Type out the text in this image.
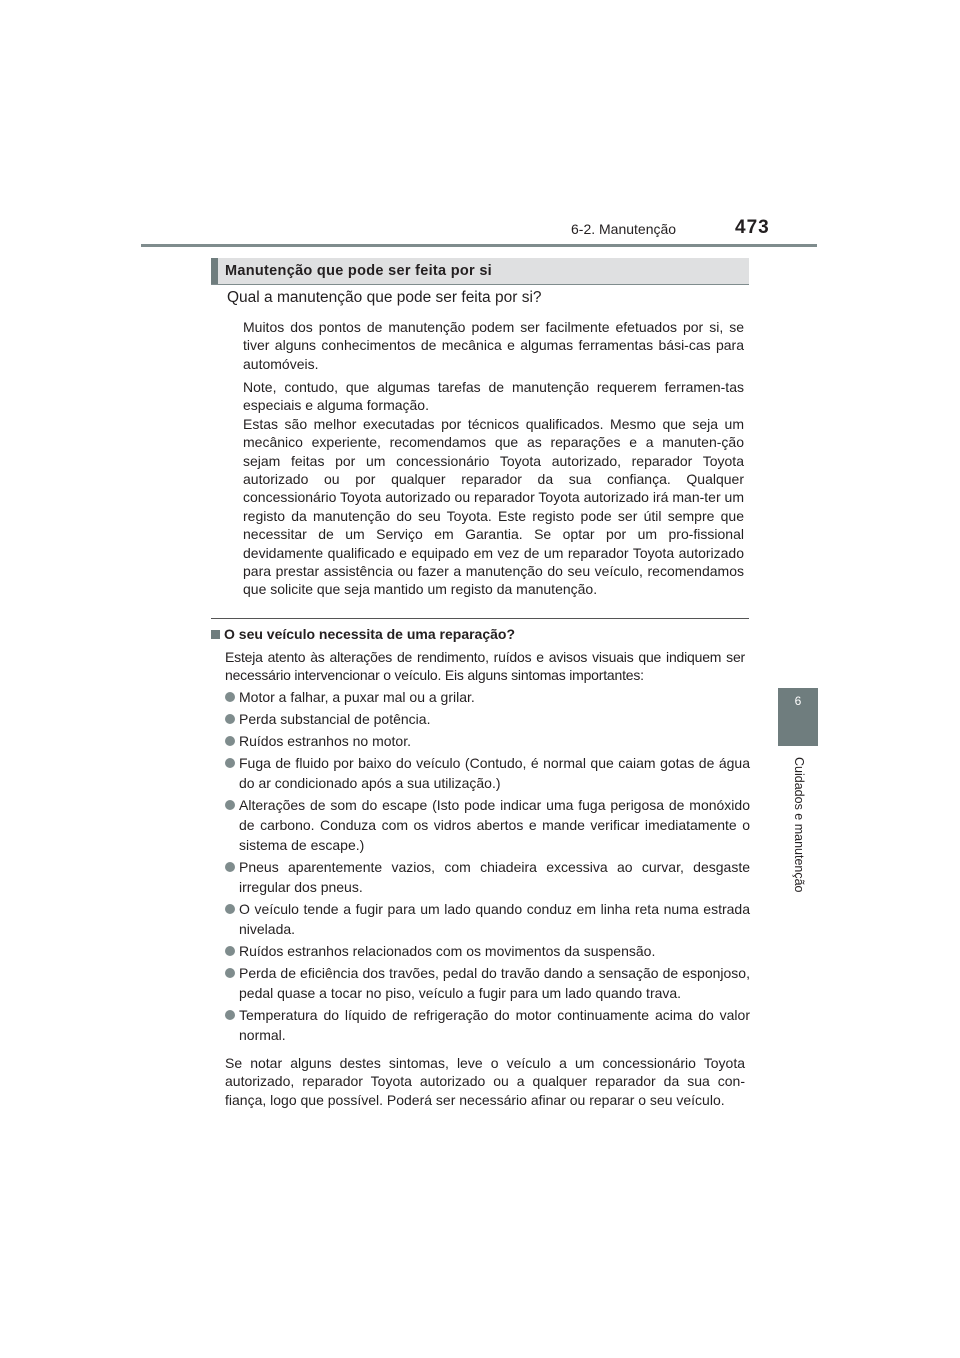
6-2. Manutenção	473
6
Cuidados e manutenção
Manutenção que pode ser feita por si
Qual a manutenção que pode ser feita por si?
Muitos dos pontos de manutenção podem ser facilmente efetuados por si, se tiver alguns conhecimentos de mecânica e algumas ferramentas bási-cas para automóveis.
Note, contudo, que algumas tarefas de manutenção requerem ferramen-tas especiais e alguma formação.
Estas são melhor executadas por técnicos qualificados. Mesmo que seja um mecânico experiente, recomendamos que as reparações e a manuten-ção sejam feitas por um concessionário Toyota autorizado, reparador Toyota autorizado ou por qualquer reparador da sua confiança. Qualquer concessionário Toyota autorizado ou reparador Toyota autorizado irá man-ter um registo da manutenção do seu Toyota. Este registo pode ser útil sempre que necessitar de um Serviço em Garantia. Se optar por um pro-fissional devidamente qualificado e equipado em vez de um reparador Toyota autorizado para prestar assistência ou fazer a manutenção do seu veículo, recomendamos que solicite que seja mantido um registo da manutenção.
O seu veículo necessita de uma reparação?
Esteja atento às alterações de rendimento, ruídos e avisos visuais que indiquem ser necessário intervencionar o veículo. Eis alguns sintomas importantes:
Motor a falhar, a puxar mal ou a grilar.
Perda substancial de potência.
Ruídos estranhos no motor.
Fuga de fluido por baixo do veículo (Contudo, é normal que caiam gotas de água do ar condicionado após a sua utilização.)
Alterações de som do escape (Isto pode indicar uma fuga perigosa de monóxido de carbono. Conduza com os vidros abertos e mande verificar imediatamente o sistema de escape.)
Pneus aparentemente vazios, com chiadeira excessiva ao curvar, desgaste irregular dos pneus.
O veículo tende a fugir para um lado quando conduz em linha reta numa estrada nivelada.
Ruídos estranhos relacionados com os movimentos da suspensão.
Perda de eficiência dos travões, pedal do travão dando a sensação de esponjoso, pedal quase a tocar no piso, veículo a fugir para um lado quando trava.
Temperatura do líquido de refrigeração do motor continuamente acima do valor normal.
Se notar alguns destes sintomas, leve o veículo a um concessionário Toyota autorizado, reparador Toyota autorizado ou a qualquer reparador da sua con-fiança, logo que possível. Poderá ser necessário afinar ou reparar o seu veículo.
